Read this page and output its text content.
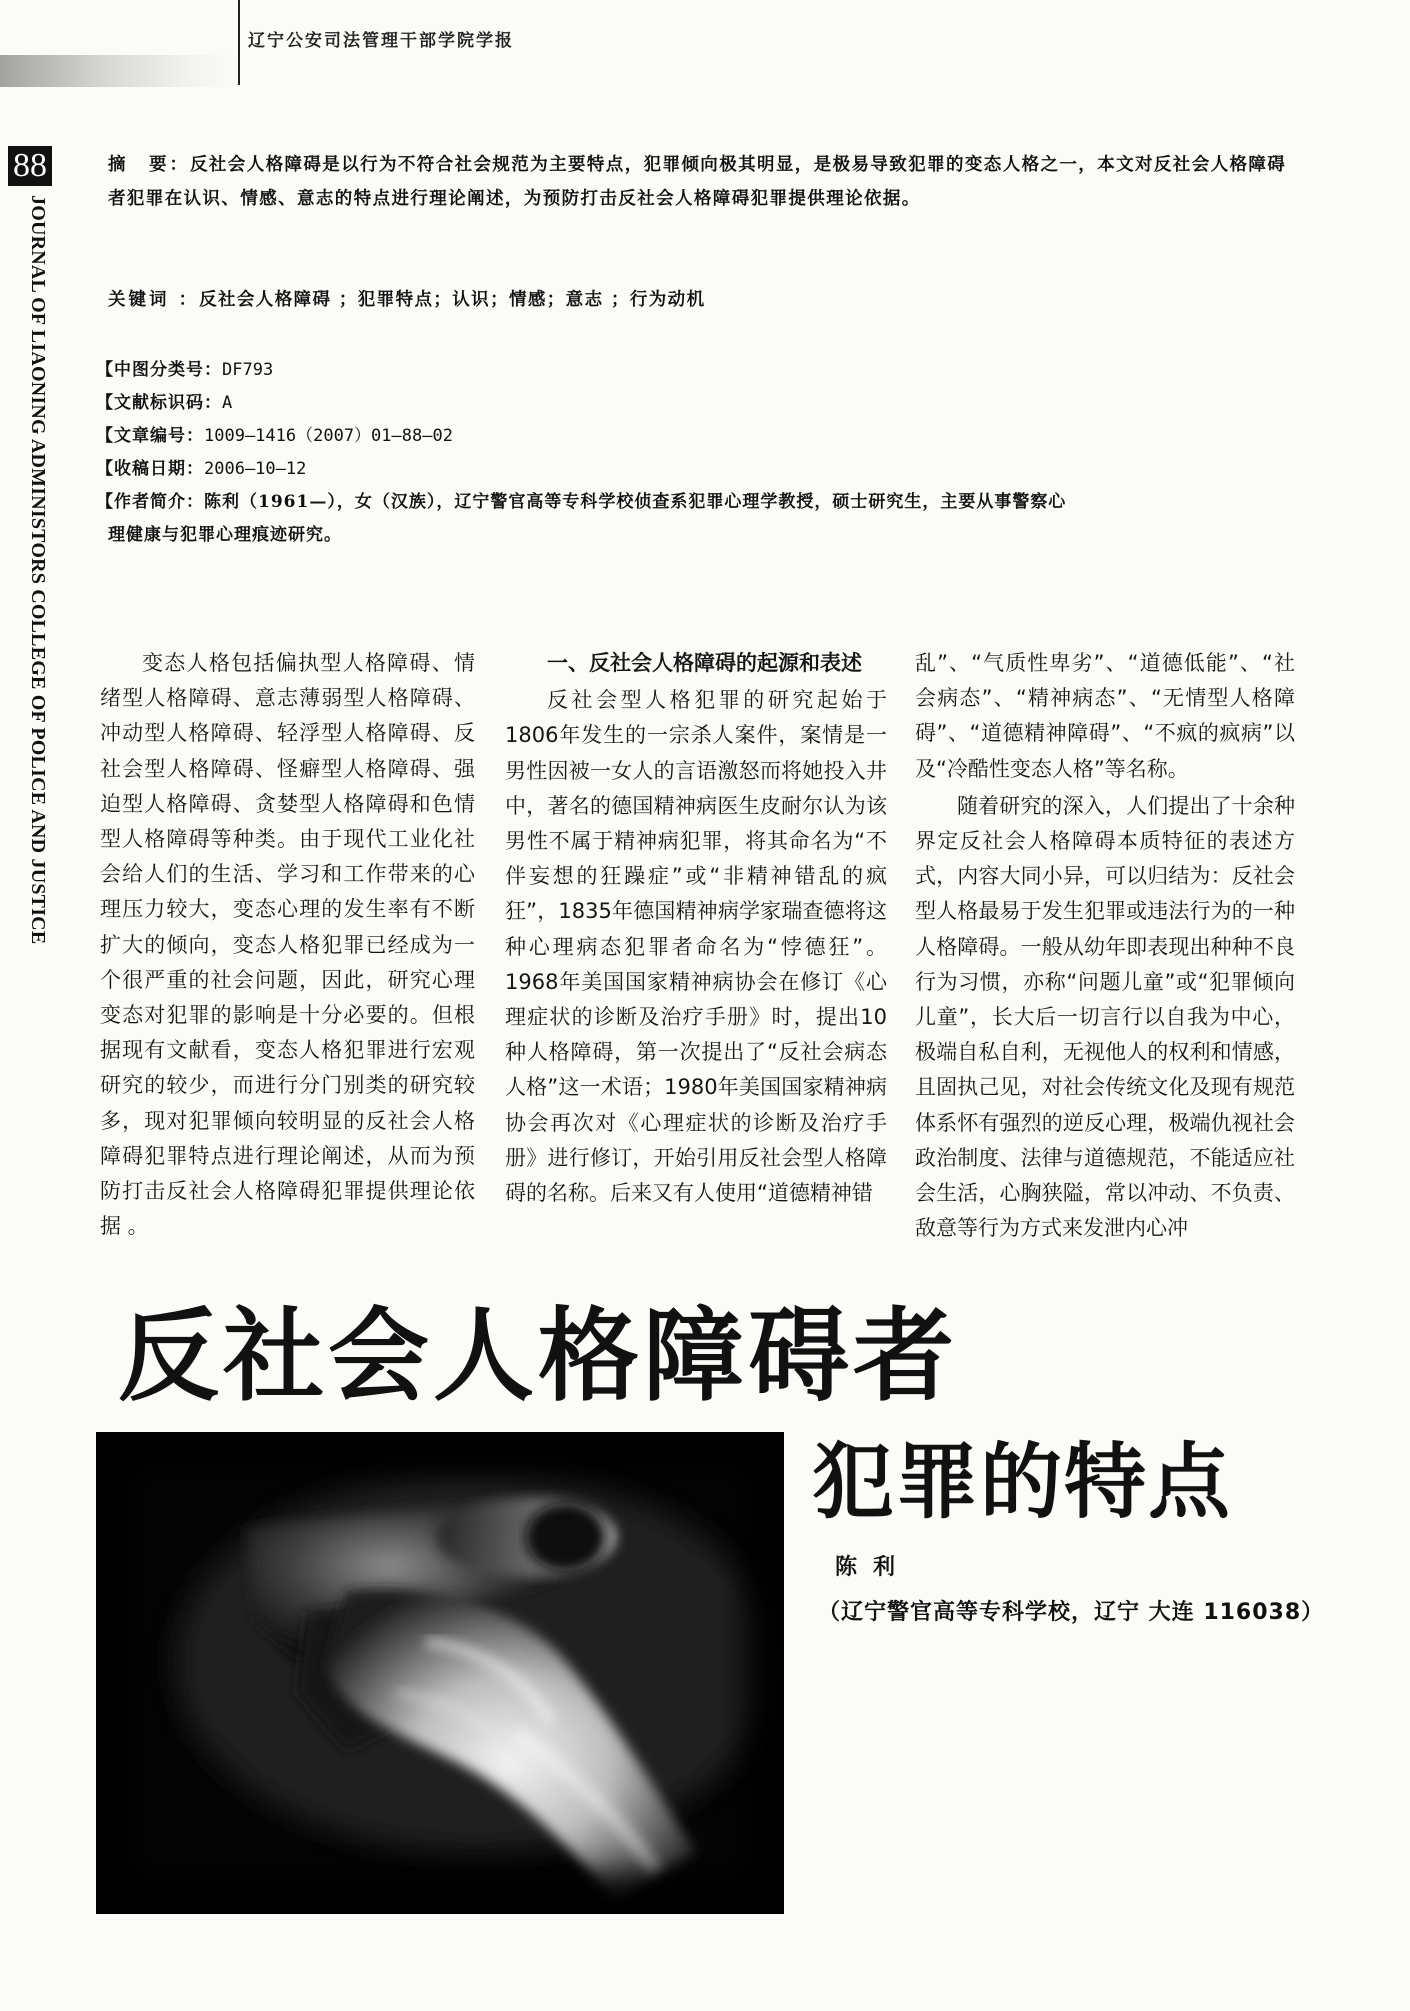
辽宁公安司法管理干部学院学报
88
JOURNAL OF LIAONING ADMINISTORS COLLEGE OF POLICE AND JUSTICE
摘　要：反社会人格障碍是以行为不符合社会规范为主要特点，犯罪倾向极其明显，是极易导致犯罪的变态人格之一，本文对反社会人格障碍者犯罪在认识、情感、意志的特点进行理论阐述，为预防打击反社会人格障碍犯罪提供理论依据。
关键词 ：反社会人格障碍 ；犯罪特点；认识；情感；意志 ；行为动机
【中图分类号：DF793
【文献标识码：A
【文章编号：1009—1416（2007）01—88—02
【收稿日期：2006—10—12
【作者简介：陈利（1961—），女（汉族），辽宁警官高等专科学校侦查系犯罪心理学教授，硕士研究生，主要从事警察心
理健康与犯罪心理痕迹研究。

变态人格包括偏执型人格障碍、情绪型人格障碍、意志薄弱型人格障碍、冲动型人格障碍、轻浮型人格障碍、反社会型人格障碍、怪癖型人格障碍、强迫型人格障碍、贪婪型人格障碍和色情型人格障碍等种类。由于现代工业化社会给人们的生活、学习和工作带来的心理压力较大，变态心理的发生率有不断扩大的倾向，变态人格犯罪已经成为一个很严重的社会问题，因此，研究心理变态对犯罪的影响是十分必要的。但根据现有文献看，变态人格犯罪进行宏观研究的较少，而进行分门别类的研究较多，现对犯罪倾向较明显的反社会人格障碍犯罪特点进行理论阐述，从而为预防打击反社会人格障碍犯罪提供理论依据 。

一、反社会人格障碍的起源和表述

反社会型人格犯罪的研究起始于1806年发生的一宗杀人案件，案情是一男性因被一女人的言语激怒而将她投入井中，著名的德国精神病医生皮耐尔认为该男性不属于精神病犯罪，将其命名为“不伴妄想的狂躁症”或“非精神错乱的疯狂”，1835年德国精神病学家瑞查德将这种心理病态犯罪者命名为“悖德狂”。1968年美国国家精神病协会在修订《心理症状的诊断及治疗手册》时，提出10种人格障碍，第一次提出了“反社会病态人格”这一术语；1980年美国国家精神病协会再次对《心理症状的诊断及治疗手册》进行修订，开始引用反社会型人格障碍的名称。后来又有人使用“道德精神错

乱”、“气质性卑劣”、“道德低能”、“社会病态”、“精神病态”、“无情型人格障碍”、“道德精神障碍”、“不疯的疯病”以及“冷酷性变态人格”等名称。

随着研究的深入，人们提出了十余种界定反社会人格障碍本质特征的表述方式，内容大同小异，可以归结为：反社会型人格最易于发生犯罪或违法行为的一种人格障碍。一般从幼年即表现出种种不良行为习惯，亦称“问题儿童”或“犯罪倾向儿童”，长大后一切言行以自我为中心，极端自私自利，无视他人的权利和情感，且固执己见，对社会传统文化及现有规范体系怀有强烈的逆反心理，极端仇视社会政治制度、法律与道德规范，不能适应社会生活，心胸狭隘，常以冲动、不负责、敌意等行为方式来发泄内心冲

反社会人格障碍者
犯罪的特点
陈利
（辽宁警官高等专科学校，辽宁 大连 116038）
